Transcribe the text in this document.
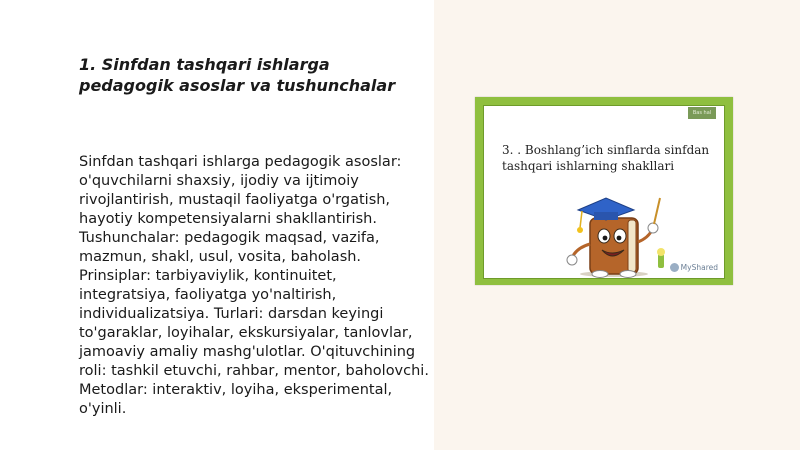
1. Sinfdan tashqari ishlarga pedagogik asoslar va tushunchalar

Sinfdan tashqari ishlarga pedagogik asoslar: o'quvchilarni shaxsiy, ijodiy va ijtimoiy rivojlantirish, mustaqil faoliyatga o'rgatish, hayotiy kompetensiyalarni shakllantirish. Tushunchalar: pedagogik maqsad, vazifa, mazmun, shakl, usul, vosita, baholash. Prinsiplar: tarbiyaviylik, kontinuitet, integratsiya, faoliyatga yo'naltirish, individualizatsiya. Turlari: darsdan keyingi to'garaklar, loyihalar, ekskursiyalar, tanlovlar, jamoaviy amaliy mashg'ulotlar. O'qituvchining roli: tashkil etuvchi, rahbar, mentor, baholovchi. Metodlar: interaktiv, loyiha, eksperimental, o'yinli.

Bas hal
3. . Boshlang’ich sinflarda sinfdan tashqari ishlarning shakllari
MyShared
